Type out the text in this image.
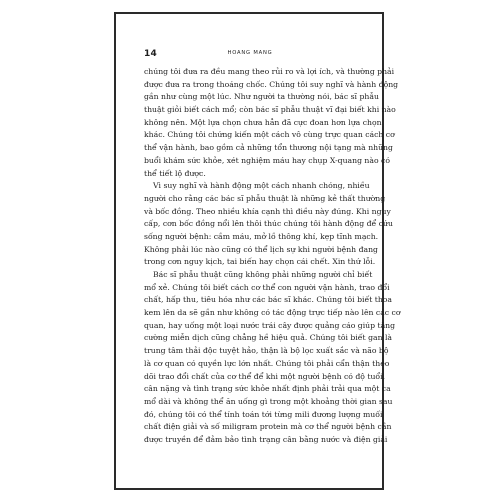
14	HOANG MANG

chúng tôi đưa ra đều mang theo rủi ro và lợi ích, và thường phải

được đưa ra trong thoáng chốc. Chúng tôi suy nghĩ và hành động

gần như cùng một lúc. Như người ta thường nói, bác sĩ phẫu

thuật giỏi biết cách mổ; còn bác sĩ phẫu thuật vĩ đại biết khi nào

không nên. Một lựa chọn chưa hẳn đã cực đoan hơn lựa chọn

khác. Chúng tôi chứng kiến một cách vô cùng trực quan cách cơ

thể vận hành, bao gồm cả những tổn thương nội tạng mà những

buổi khám sức khỏe, xét nghiệm máu hay chụp X-quang nào có

thể tiết lộ được.

Vì suy nghĩ và hành động một cách nhanh chóng, nhiều

người cho rằng các bác sĩ phẫu thuật là những kẻ thất thường

và bốc đồng. Theo nhiều khía cạnh thì điều này đúng. Khi nguy

cấp, cơn bốc đồng nổi lên thôi thúc chúng tôi hành động để cứu

sống người bệnh: cầm máu, mở lồ thông khí, kẹp tĩnh mạch.

Không phải lúc nào cũng có thể lịch sự khi người bệnh đang

trong cơn nguy kịch, tai biến hay chọn cái chết. Xin thứ lỗi.

Bác sĩ phẫu thuật cũng không phải những người chỉ biết

mổ xẻ. Chúng tôi biết cách cơ thể con người vận hành, trao đổi

chất, hấp thu, tiêu hóa như các bác sĩ khác. Chúng tôi biết thoa

kem lên da sẽ gần như không có tác động trực tiếp nào lên các cơ

quan, hay uống một loại nước trái cây được quảng cáo giúp tăng

cường miễn dịch cũng chẳng hề hiệu quả. Chúng tôi biết gan là

trung tâm thải độc tuyệt hảo, thận là bộ lọc xuất sắc và não bộ

là cơ quan có quyền lực lớn nhất. Chúng tôi phải cẩn thận theo

dõi trao đổi chất của cơ thể để khi một người bệnh có độ tuổi,

cân nặng và tình trạng sức khỏe nhất định phải trải qua một ca

mổ dài và không thể ăn uống gì trong một khoảng thời gian sau

đó, chúng tôi có thể tính toán tới từng mili đương lượng muối

chất điện giải và số miligram protein mà cơ thể người bệnh cần

được truyền để đảm bảo tình trạng cân bằng nước và điện giải
